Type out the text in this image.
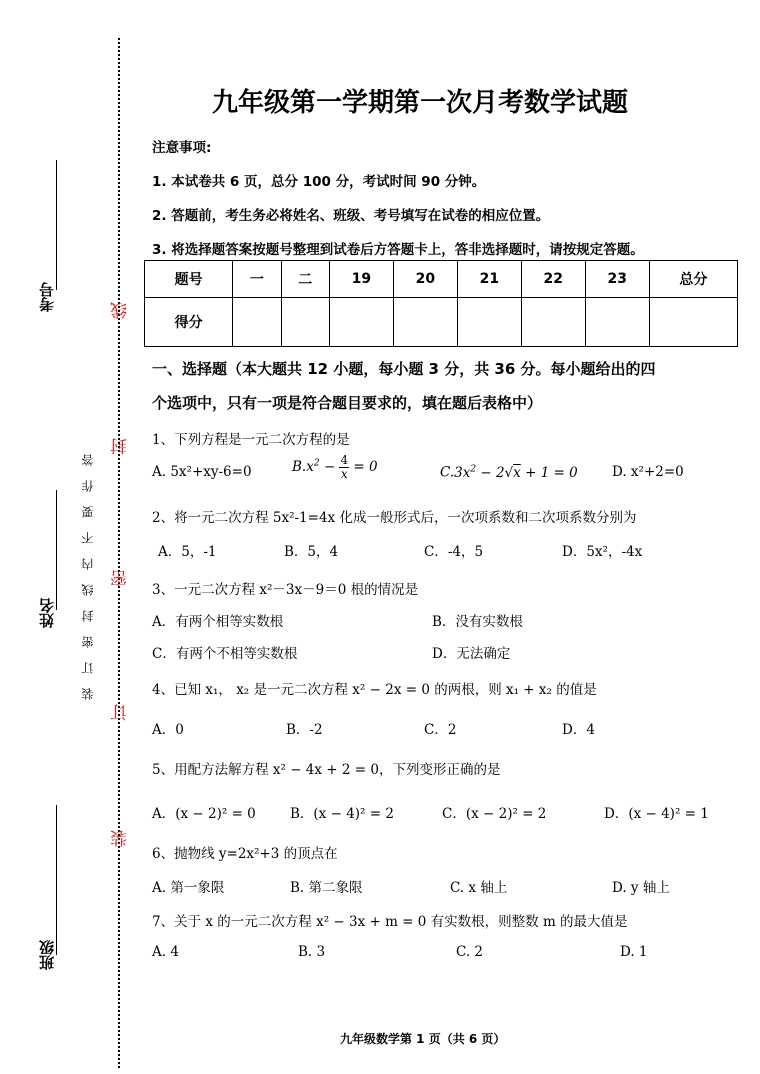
考号
姓名
班级
线
封
密
订
装
装订密封线内不要作答
九年级第一学期第一次月考数学试题
注意事项:
1. 本试卷共 6 页，总分 100 分，考试时间 90 分钟。
2. 答题前，考生务必将姓名、班级、考号填写在试卷的相应位置。
3. 将选择题答案按题号整理到试卷后方答题卡上，答非选择题时，请按规定答题。
题号	一	二	19	20	21	22	23	总分
得分								
一、选择题（本大题共 12 小题，每小题 3 分，共 36 分。每小题给出的四
个选项中，只有一项是符合题目要求的，填在题后表格中）
1、下列方程是一元二次方程的是
A. 5x²+xy-6=0	$B.x^2 - \frac{4}{x} = 0$	$C.3x^2 - 2√x + 1 = 0$	D. x²+2=0
2、将一元二次方程 5x²-1=4x 化成一般形式后，一次项系数和二次项系数分别为
A．5，-1	B．5，4	C．-4，5	D．5x²，-4x
3、一元二次方程 x²－3x－9＝0 根的情况是
A．有两个相等实数根	B．没有实数根
C．有两个不相等实数根	D．无法确定
4、已知 x₁， x₂ 是一元二次方程 x² − 2x = 0 的两根，则 x₁ + x₂ 的值是
A．0	B．-2	C．2	D．4
5、用配方法解方程 x² − 4x + 2 = 0，下列变形正确的是
A．(x − 2)² = 0	B．(x − 4)² = 2	C．(x − 2)² = 2	D．(x − 4)² = 1
6、抛物线 y=2x²+3 的顶点在
A. 第一象限	B. 第二象限	C. x 轴上	D. y 轴上
7、关于 x 的一元二次方程 x² − 3x + m = 0 有实数根，则整数 m 的最大值是
A. 4	B. 3	C. 2	D. 1
九年级数学第 1 页（共 6 页）
